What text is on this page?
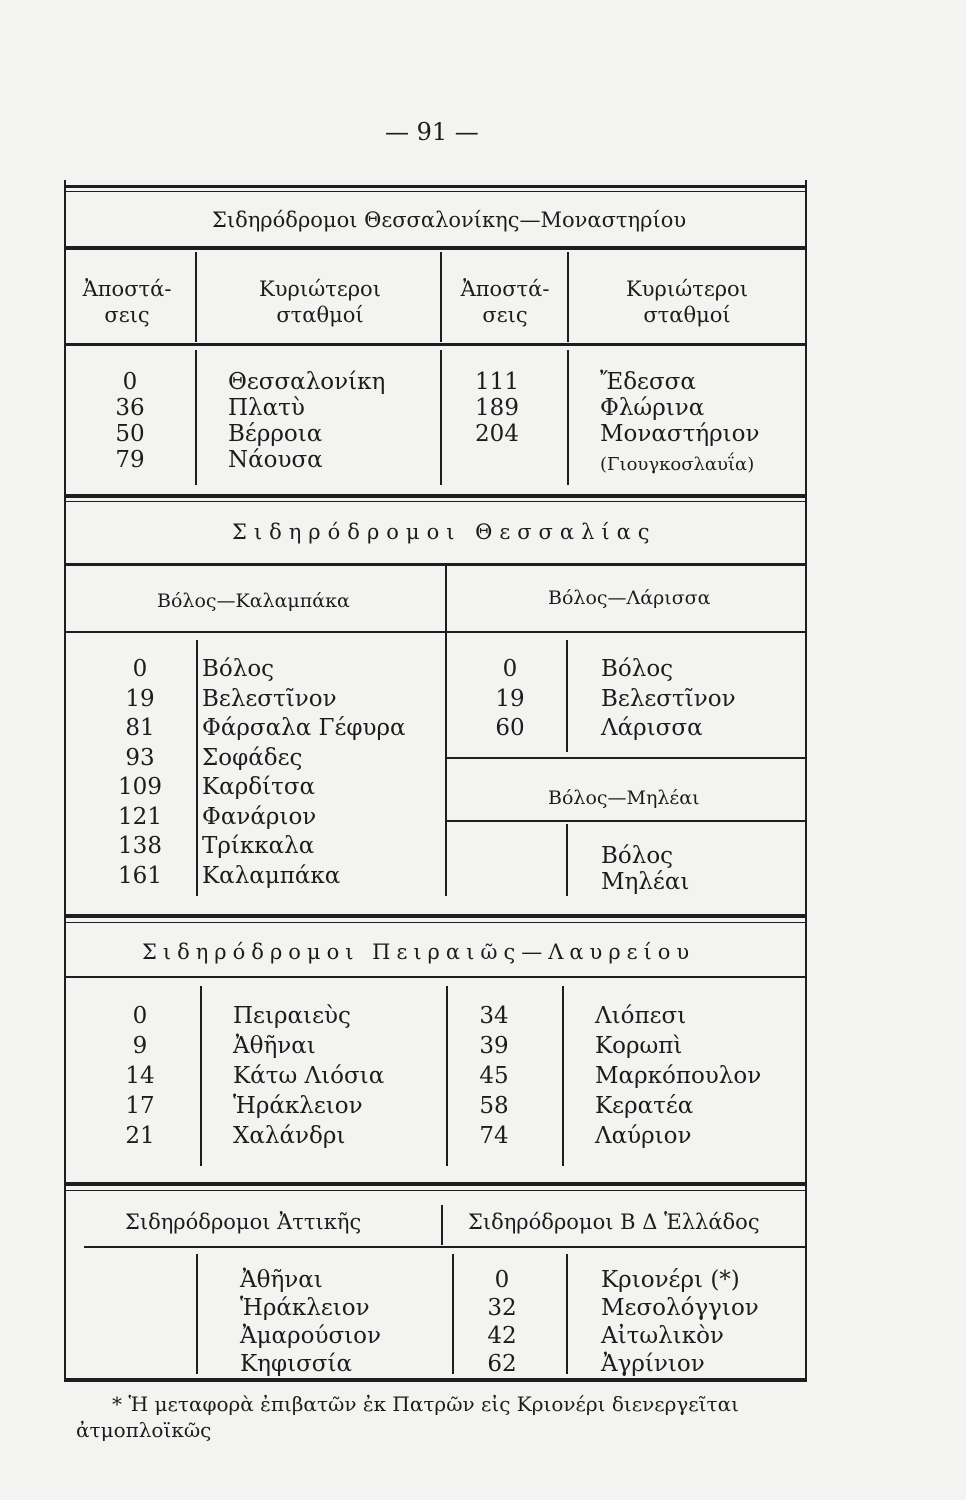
— 91 —
Σιδηρόδρομοι Θεσσαλονίκης—Μοναστηρίου
Ἀποστά-
σεις
Κυριώτεροι
σταθμοί
Ἀποστά-
σεις
Κυριώτεροι
σταθμοί
0
36
50
79
Θεσσαλονίκη
Πλατὺ
Βέρροια
Νάουσα
111
189
204
Ἔδεσσα
Φλώρινα
Μοναστήριον
(Γιουγκοσλαυΐα)
Σιδηρόδρομοι Θεσσαλίας
Βόλος—Καλαμπάκα	Βόλος—Λάρισσα
0
19
81
93
109
121
138
161
Βόλος
Βελεστῖνον
Φάρσαλα Γέφυρα
Σοφάδες
Καρδίτσα
Φανάριον
Τρίκκαλα
Καλαμπάκα
0
19
60
Βόλος
Βελεστῖνον
Λάρισσα
Βόλος—Μηλέαι
Βόλος
Μηλέαι
Σιδηρόδρομοι Πειραιῶς—Λαυρείου
0
9
14
17
21
Πειραιεὺς
Ἀθῆναι
Κάτω Λιόσια
Ἡράκλειον
Χαλάνδρι
34
39
45
58
74
Λιόπεσι
Κορωπὶ
Μαρκόπουλον
Κερατέα
Λαύριον
Σιδηρόδρομοι Ἀττικῆς	Σιδηρόδρομοι Β Δ Ἑλλάδος
Ἀθῆναι
Ἡράκλειον
Ἀμαρούσιον
Κηφισσία
0
32
42
62
Κριονέρι (*)
Μεσολόγγιον
Αἰτωλικὸν
Ἀγρίνιον
* Ἡ μεταφορὰ ἐπιβατῶν ἐκ Πατρῶν εἰς Κριονέρι διενεργεῖται
ἀτμοπλοϊκῶς
